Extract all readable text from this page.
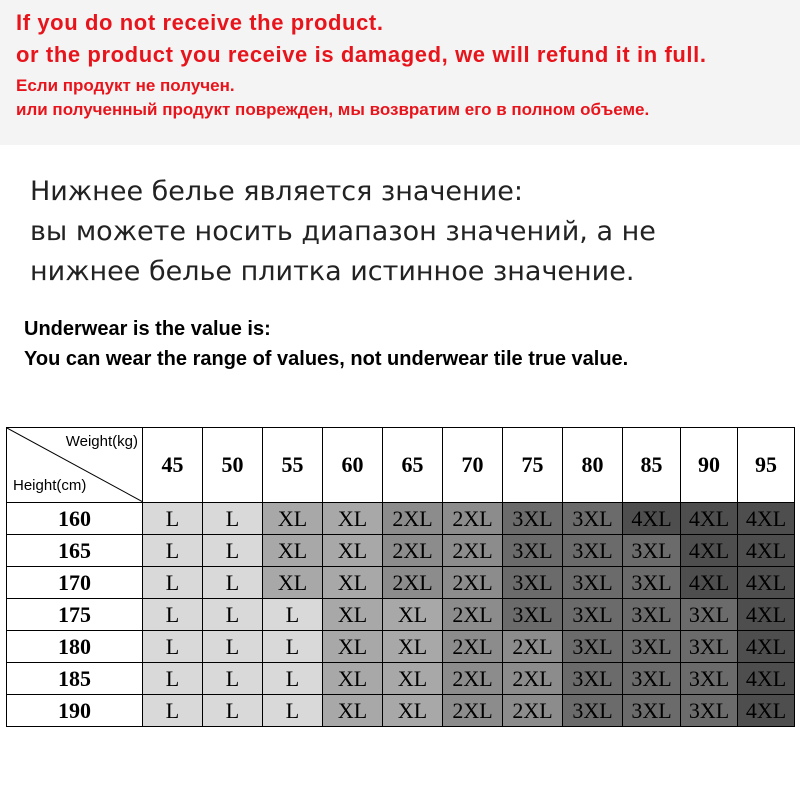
If you do not receive the product.
or the product you receive is damaged, we will refund it in full.
Если продукт не получен.
или полученный продукт поврежден, мы возвратим его в полном объеме.
Нижнее белье является значение:
вы можете носить диапазон значений, а не
нижнее белье плитка истинное значение.
Underwear is the value is:
You can wear the range of values, not underwear tile true value.
Weight(kg)
Height(cm)	45	50	55	60	65	70	75	80	85	90	95
160	L	L	XL	XL	2XL	2XL	3XL	3XL	4XL	4XL	4XL
165	L	L	XL	XL	2XL	2XL	3XL	3XL	3XL	4XL	4XL
170	L	L	XL	XL	2XL	2XL	3XL	3XL	3XL	4XL	4XL
175	L	L	L	XL	XL	2XL	3XL	3XL	3XL	3XL	4XL
180	L	L	L	XL	XL	2XL	2XL	3XL	3XL	3XL	4XL
185	L	L	L	XL	XL	2XL	2XL	3XL	3XL	3XL	4XL
190	L	L	L	XL	XL	2XL	2XL	3XL	3XL	3XL	4XL
